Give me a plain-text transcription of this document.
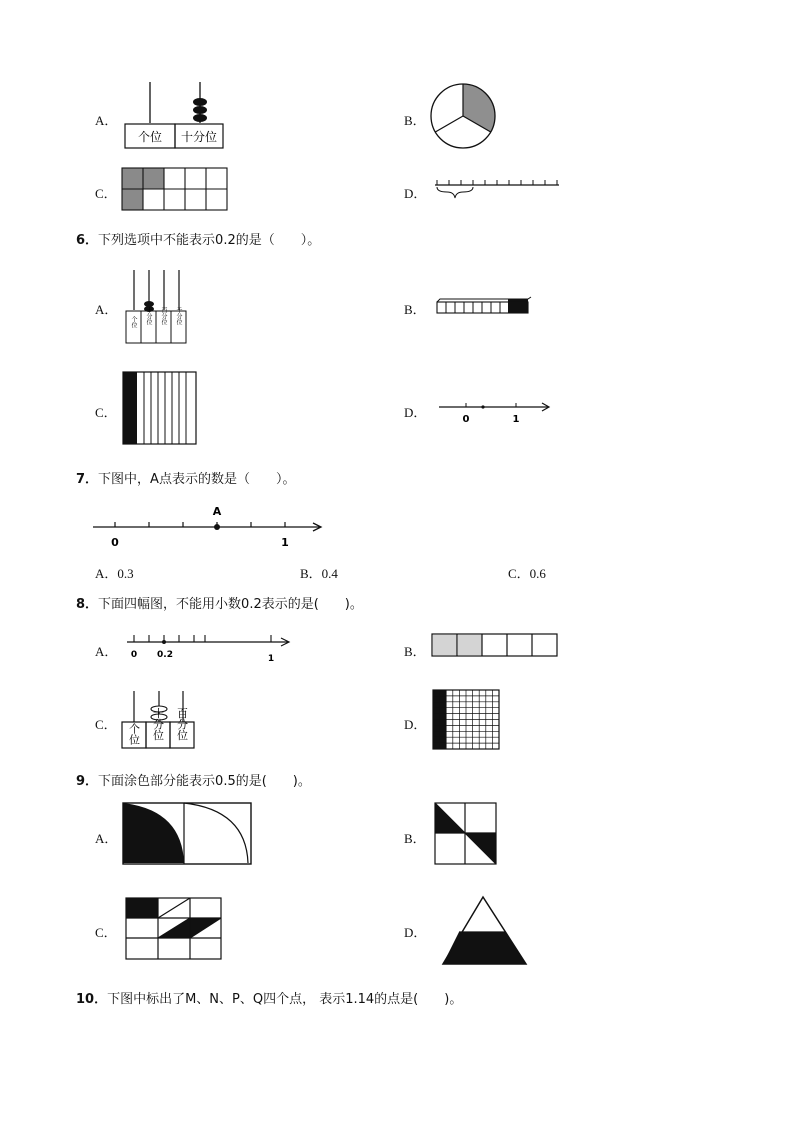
A．
个位 十分位
B．
C．	D．
6．下列选项中不能表示0.2的是（　　）。
A．
个位 十分位 百分位 千分位	B．
C．	D．	0	1
7．下图中，A点表示的数是（　　）。
A
0	1
A．0.3	B．0.4	C．0.6
8．下面四幅图，不能用小数0.2表示的是(　　)。
A． 0 0.2	1	B．
C． 个位 十分位 百分位	D．
9．下面涂色部分能表示0.5的是(　　)。
A．	B．
C．	D．
10．下图中标出了M、N、P、Q四个点， 表示1.14的点是(　　)。
